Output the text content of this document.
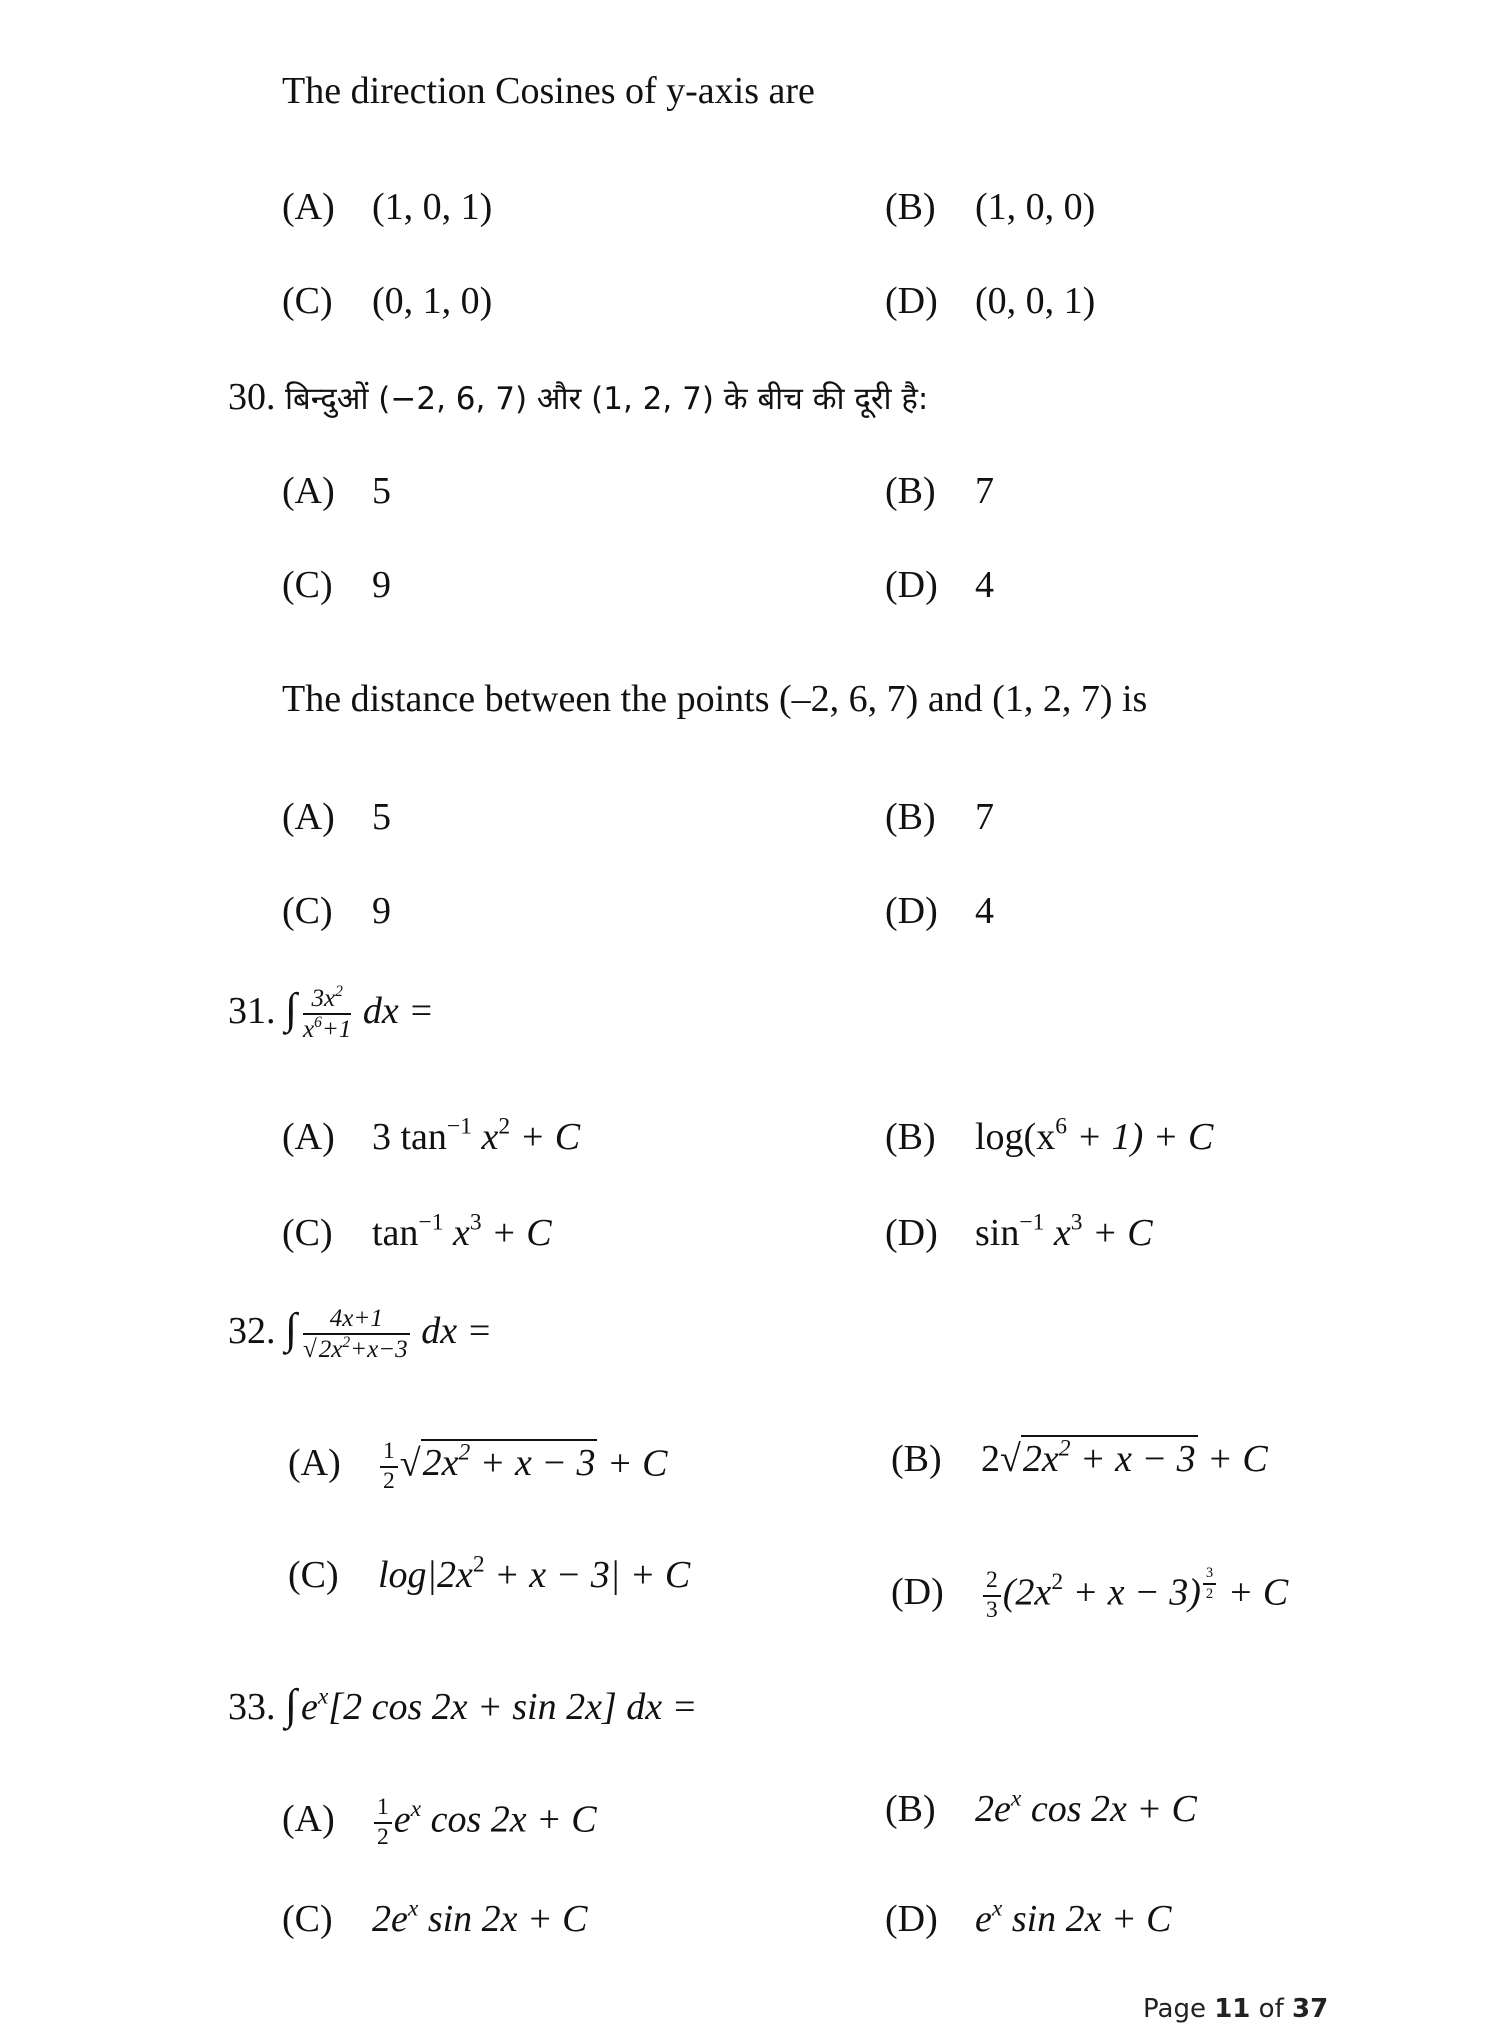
The direction Cosines of y-axis are
(A) (1, 0, 1)	(B) (1, 0, 0)
(C) (0, 1, 0)	(D) (0, 0, 1)
30. बिन्दुओं (−2, 6, 7) और (1, 2, 7) के बीच की दूरी है:
(A) 5	(B) 7
(C) 9	(D) 4
The distance between the points (–2, 6, 7) and (1, 2, 7) is
(A) 5	(B) 7
(C) 9	(D) 4
31. ∫ $\frac{3x^2}{x^6+1}$ dx =
(A) 3 $\tan^{-1} x^2 + C$	(B) $\log(x^6 + 1) + C$
(C) $\tan^{-1} x^3 + C$	(D) $\sin^{-1} x^3 + C$
32. ∫ $\frac{4x+1}{√2x^2+x-3}$ dx =
$(A) \frac{1}{2} √2x^2 + x - 3 + C$	(B) $2√2x^2 + x - 3 + C$
(C) $\log|2x^2 + x - 3| + C$	$(D) \frac{2}{3} (2x^2 + x - 3) ^{\frac{3}{2}} + C$
33. ∫ $e^x[2$ cos 2x + sin 2x] dx =
$(A) \frac{1}{2} e^x$ cos 2x + C	(B) $2e^x$ cos 2x + C
(C) $2e^x$ sin 2x + C	(D) $e^x$ sin 2x + C
Page 11 of 37
